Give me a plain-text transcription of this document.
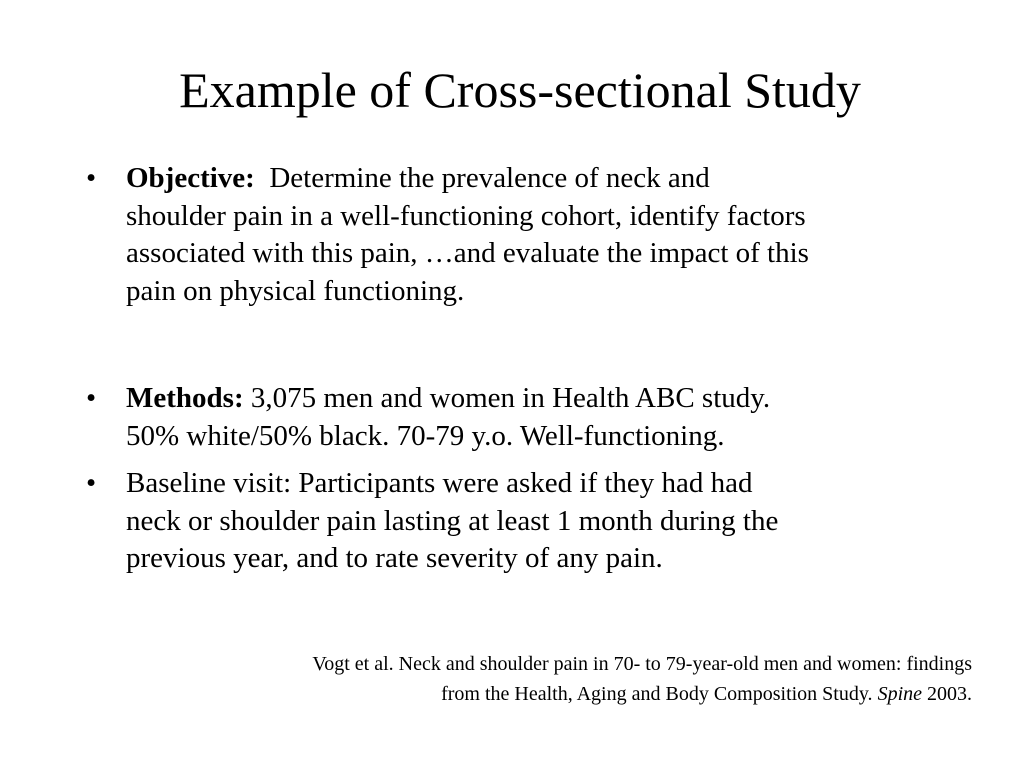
Example of Cross-sectional Study
• Objective: Determine the prevalence of neck and
shoulder pain in a well-functioning cohort, identify factors
associated with this pain, …and evaluate the impact of this
pain on physical functioning.
• Methods: 3,075 men and women in Health ABC study.
50% white/50% black. 70-79 y.o. Well-functioning.
• Baseline visit: Participants were asked if they had had
neck or shoulder pain lasting at least 1 month during the
previous year, and to rate severity of any pain.
Vogt et al. Neck and shoulder pain in 70- to 79-year-old men and women: findings
from the Health, Aging and Body Composition Study. Spine 2003.
